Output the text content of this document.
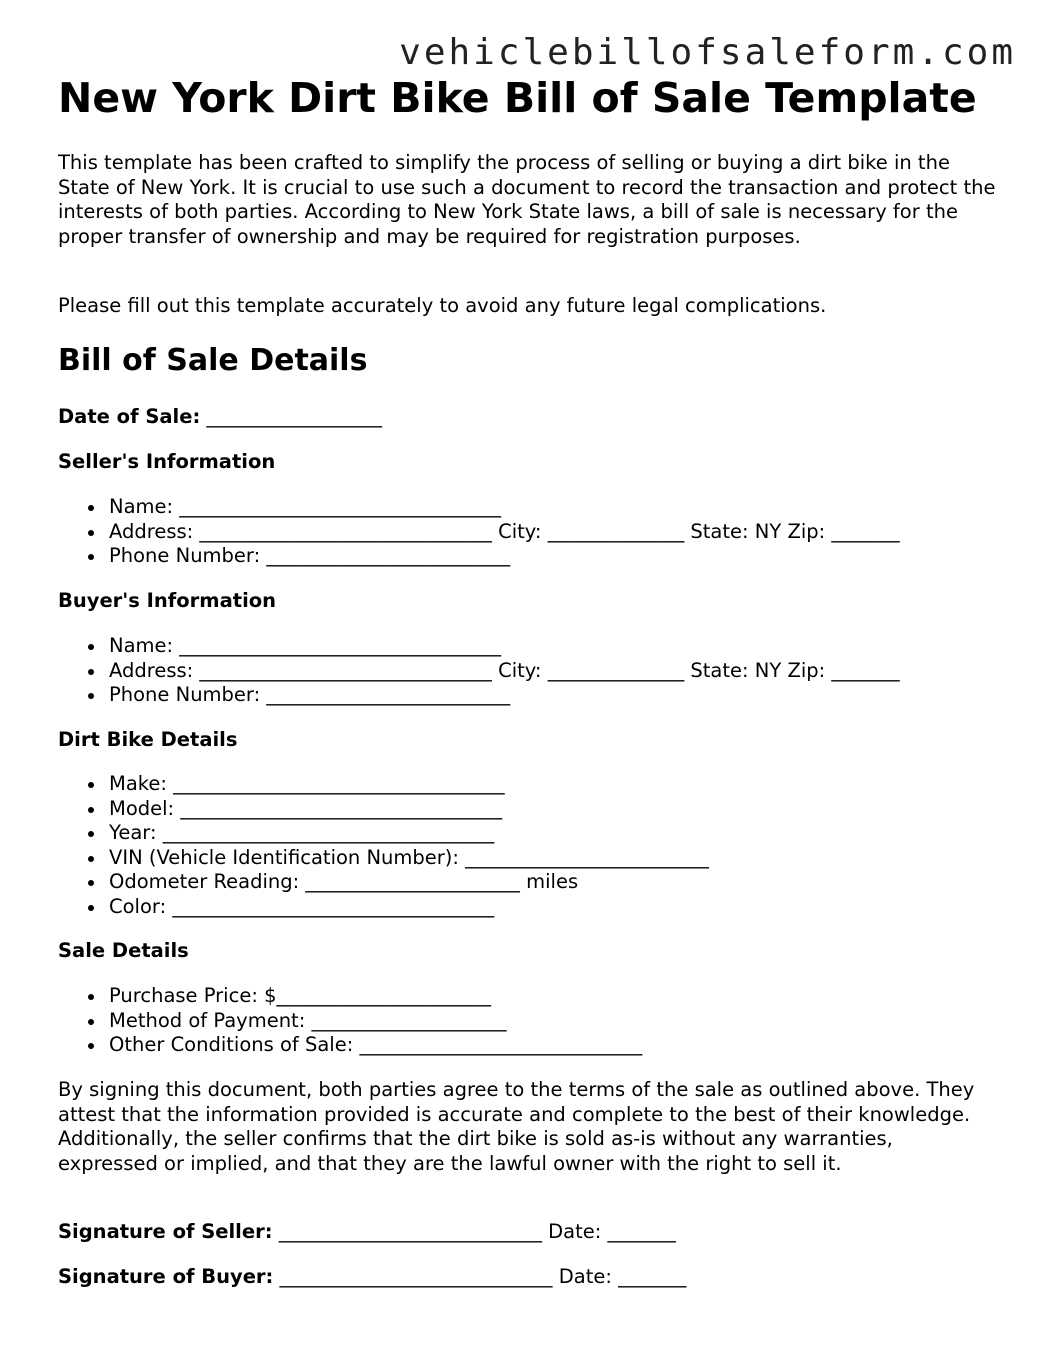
vehiclebillofsaleform.com
New York Dirt Bike Bill of Sale Template

This template has been crafted to simplify the process of selling or buying a dirt bike in the State of New York. It is crucial to use such a document to record the transaction and protect the interests of both parties. According to New York State laws, a bill of sale is necessary for the proper transfer of ownership and may be required for registration purposes.

Please fill out this template accurately to avoid any future legal complications.

Bill of Sale Details
Date of Sale: __________________
Seller's Information
Name: _________________________________
Address: ______________________________ City: ______________ State: NY Zip: _______
Phone Number: _________________________
Buyer's Information
Name: _________________________________
Address: ______________________________ City: ______________ State: NY Zip: _______
Phone Number: _________________________
Dirt Bike Details
Make: __________________________________
Model: _________________________________
Year: __________________________________
VIN (Vehicle Identification Number): _________________________
Odometer Reading: ______________________ miles
Color: _________________________________
Sale Details
Purchase Price: $______________________
Method of Payment: ____________________
Other Conditions of Sale: _____________________________

By signing this document, both parties agree to the terms of the sale as outlined above. They attest that the information provided is accurate and complete to the best of their knowledge. Additionally, the seller confirms that the dirt bike is sold as-is without any warranties, expressed or implied, and that they are the lawful owner with the right to sell it.

Signature of Seller: ___________________________ Date: _______
Signature of Buyer: ____________________________ Date: _______
